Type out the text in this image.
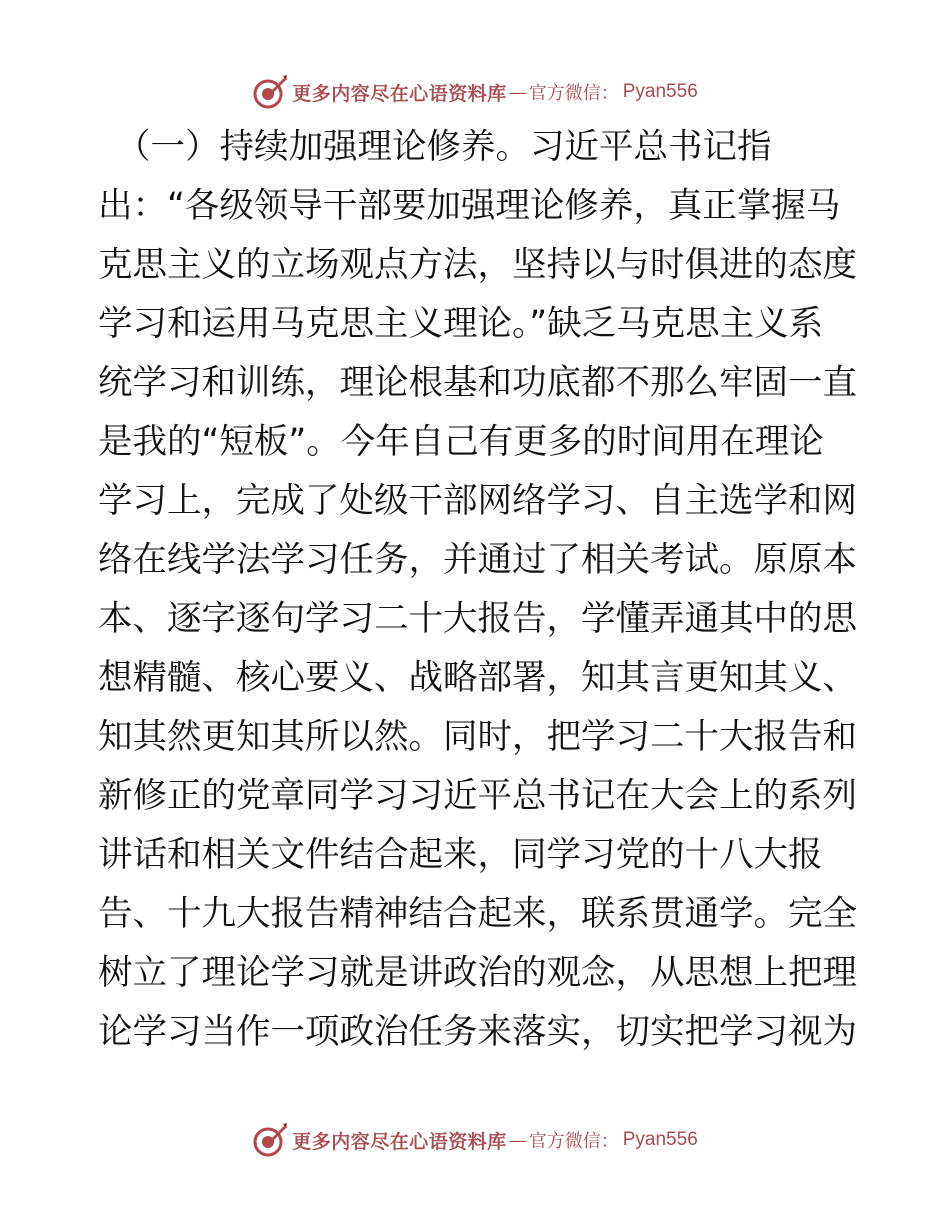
更多内容尽在心语资料库 — 官方微信： Pyan556
（一）持续加强理论修养。习近平总书记指
出：“各级领导干部要加强理论修养，真正掌握马
克思主义的立场观点方法，坚持以与时俱进的态度
学习和运用马克思主义理论。”缺乏马克思主义系
统学习和训练，理论根基和功底都不那么牢固一直
是我的“短板”。今年自己有更多的时间用在理论
学习上，完成了处级干部网络学习、自主选学和网
络在线学法学习任务，并通过了相关考试。原原本
本、逐字逐句学习二十大报告，学懂弄通其中的思
想精髓、核心要义、战略部署，知其言更知其义、
知其然更知其所以然。同时，把学习二十大报告和
新修正的党章同学习习近平总书记在大会上的系列
讲话和相关文件结合起来，同学习党的十八大报
告、十九大报告精神结合起来，联系贯通学。完全
树立了理论学习就是讲政治的观念，从思想上把理
论学习当作一项政治任务来落实，切实把学习视为
更多内容尽在心语资料库 — 官方微信： Pyan556
